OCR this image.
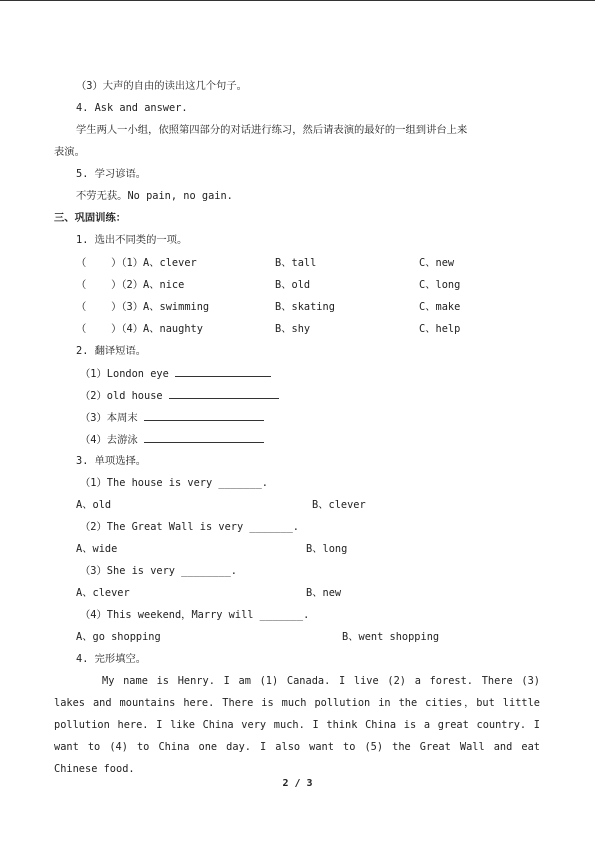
（3）大声的自由的读出这几个句子。
4. Ask and answer.
学生两人一小组，依照第四部分的对话进行练习，然后请表演的最好的一组到讲台上来
表演。
5. 学习谚语。
不劳无获。No pain, no gain.
三、巩固训练：
1. 选出不同类的一项。
（    ）（1）A、clever	B、tall	C、new
（    ）（2）A、nice	B、old	C、long
（    ）（3）A、swimming	B、skating	C、make
（    ）（4）A、naughty	B、shy	C、help
2. 翻译短语。
（1）London eye
（2）old house
（3）本周末
（4）去游泳
3. 单项选择。
（1）The house is very _______.
A、old	B、clever
（2）The Great Wall is very _______.
A、wide	B、long
（3）She is very ________.
A、clever	B、new
（4）This weekend，Marry will _______.
A、go shopping	B、went shopping
4. 完形填空。
My name is Henry. I am (1) Canada. I live (2) a forest. There (3) lakes and mountains here. There is much pollution in the cities，but little pollution here. I like China very much. I think China is a great country. I want to (4) to China one day. I also want to (5) the Great Wall and eat Chinese food.
2 / 3
